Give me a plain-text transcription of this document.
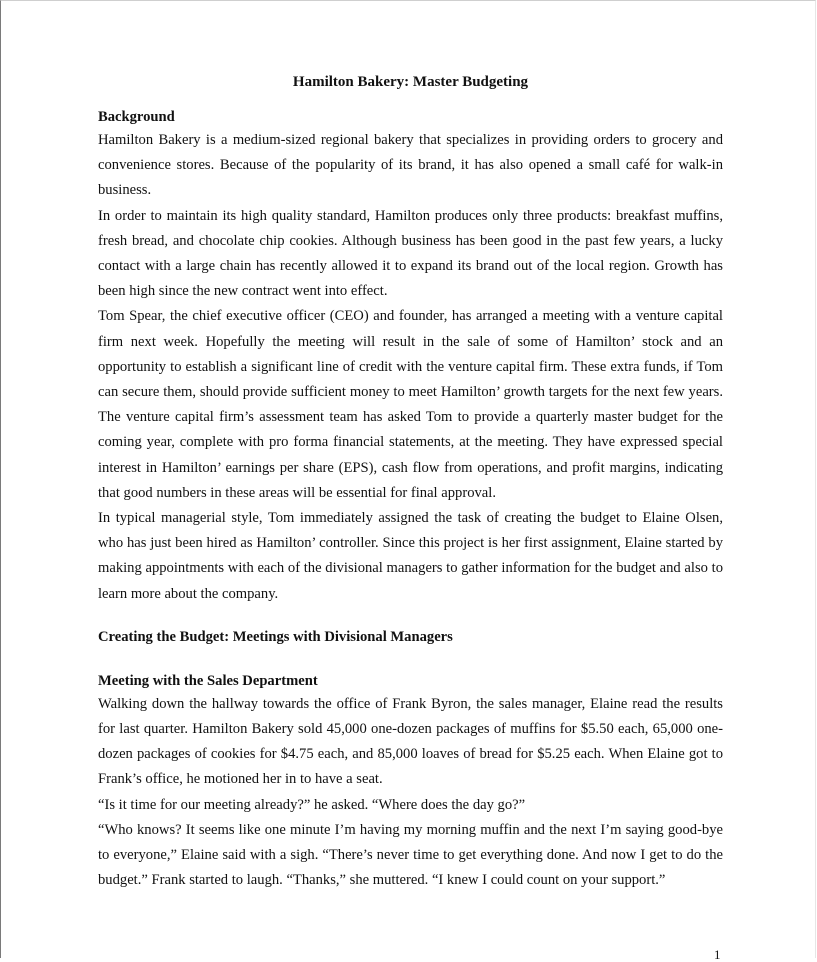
Hamilton Bakery: Master Budgeting
Background

Hamilton Bakery is a medium-sized regional bakery that specializes in providing orders to grocery and convenience stores. Because of the popularity of its brand, it has also opened a small café for walk-in business.

In order to maintain its high quality standard, Hamilton produces only three products: breakfast muffins, fresh bread, and chocolate chip cookies. Although business has been good in the past few years, a lucky contact with a large chain has recently allowed it to expand its brand out of the local region. Growth has been high since the new contract went into effect.

Tom Spear, the chief executive officer (CEO) and founder, has arranged a meeting with a venture capital firm next week. Hopefully the meeting will result in the sale of some of Hamilton’ stock and an opportunity to establish a significant line of credit with the venture capital firm. These extra funds, if Tom can secure them, should provide sufficient money to meet Hamilton’ growth targets for the next few years. The venture capital firm’s assessment team has asked Tom to provide a quarterly master budget for the coming year, complete with pro forma financial statements, at the meeting. They have expressed special interest in Hamilton’ earnings per share (EPS), cash flow from operations, and profit margins, indicating that good numbers in these areas will be essential for final approval.

In typical managerial style, Tom immediately assigned the task of creating the budget to Elaine Olsen, who has just been hired as Hamilton’ controller. Since this project is her first assignment, Elaine started by making appointments with each of the divisional managers to gather information for the budget and also to learn more about the company.

Creating the Budget: Meetings with Divisional Managers
Meeting with the Sales Department

Walking down the hallway towards the office of Frank Byron, the sales manager, Elaine read the results for last quarter. Hamilton Bakery sold 45,000 one-dozen packages of muffins for $5.50 each, 65,000 one-dozen packages of cookies for $4.75 each, and 85,000 loaves of bread for $5.25 each. When Elaine got to Frank’s office, he motioned her in to have a seat.

“Is it time for our meeting already?” he asked. “Where does the day go?”

“Who knows? It seems like one minute I’m having my morning muffin and the next I’m saying good-bye to everyone,” Elaine said with a sigh. “There’s never time to get everything done. And now I get to do the budget.” Frank started to laugh. “Thanks,” she muttered. “I knew I could count on your support.”

1
